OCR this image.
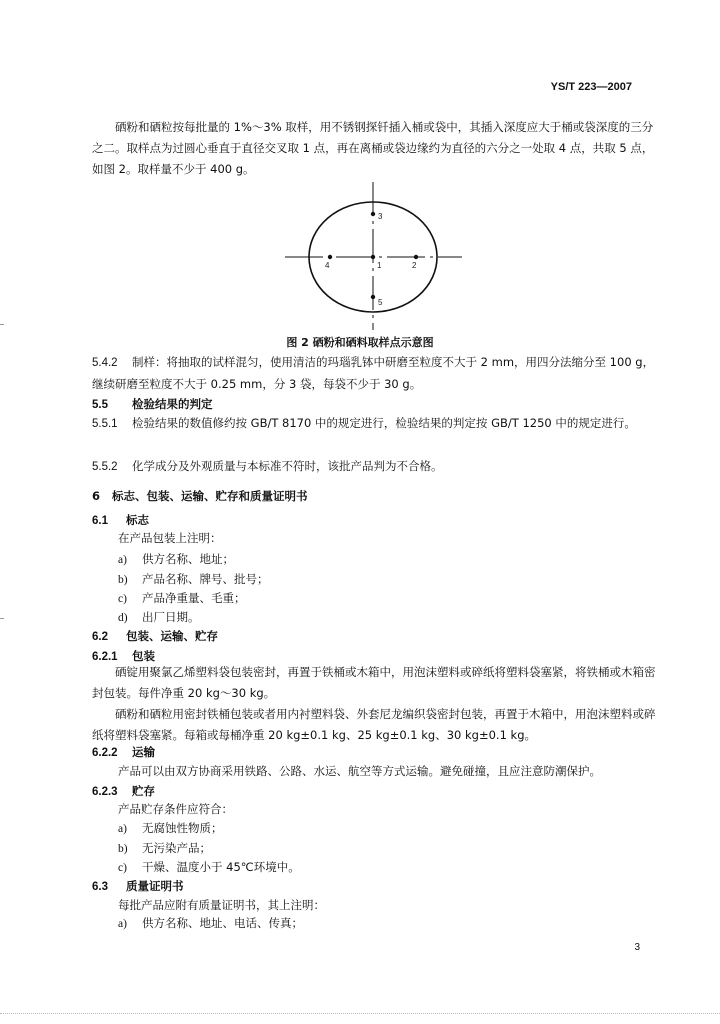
YS/T 223—2007

硒粉和硒粒按每批量的 1%～3% 取样，用不锈钢探钎插入桶或袋中，其插入深度应大于桶或袋深度的三分之二。取样点为过圆心垂直于直径交叉取 1 点，再在离桶或袋边缘约为直径的六分之一处取 4 点，共取 5 点，如图 2。取样量不少于 400 g。

1	2
3
4
5
图 2 硒粉和硒料取样点示意图

5.4.2 制样：将抽取的试样混匀，使用清洁的玛瑙乳钵中研磨至粒度不大于 2 mm，用四分法缩分至 100 g，继续研磨至粒度不大于 0.25 mm，分 3 袋，每袋不少于 30 g。

5.5 检验结果的判定

5.5.1 检验结果的数值修约按 GB/T 8170 中的规定进行，检验结果的判定按 GB/T 1250 中的规定进行。

5.5.2 化学成分及外观质量与本标准不符时，该批产品判为不合格。
6 标志、包装、运输、贮存和质量证明书
6.1 标志
在产品包装上注明：
a) 供方名称、地址；
b) 产品名称、牌号、批号；
c) 产品净重量、毛重；
d) 出厂日期。
6.2 包装、运输、贮存
6.2.1 包装

硒锭用聚氯乙烯塑料袋包装密封，再置于铁桶或木箱中，用泡沫塑料或碎纸将塑料袋塞紧，将铁桶或木箱密封包装。每件净重 20 kg～30 kg。

硒粉和硒粒用密封铁桶包装或者用内衬塑料袋、外套尼龙编织袋密封包装，再置于木箱中，用泡沫塑料或碎纸将塑料袋塞紧。每箱或每桶净重 20 kg±0.1 kg、25 kg±0.1 kg、30 kg±0.1 kg。

6.2.2 运输
产品可以由双方协商采用铁路、公路、水运、航空等方式运输。避免碰撞，且应注意防潮保护。
6.2.3 贮存
产品贮存条件应符合：
a) 无腐蚀性物质；
b) 无污染产品；
c) 干燥、温度小于 45℃环境中。
6.3 质量证明书
每批产品应附有质量证明书，其上注明：
a) 供方名称、地址、电话、传真；
3
